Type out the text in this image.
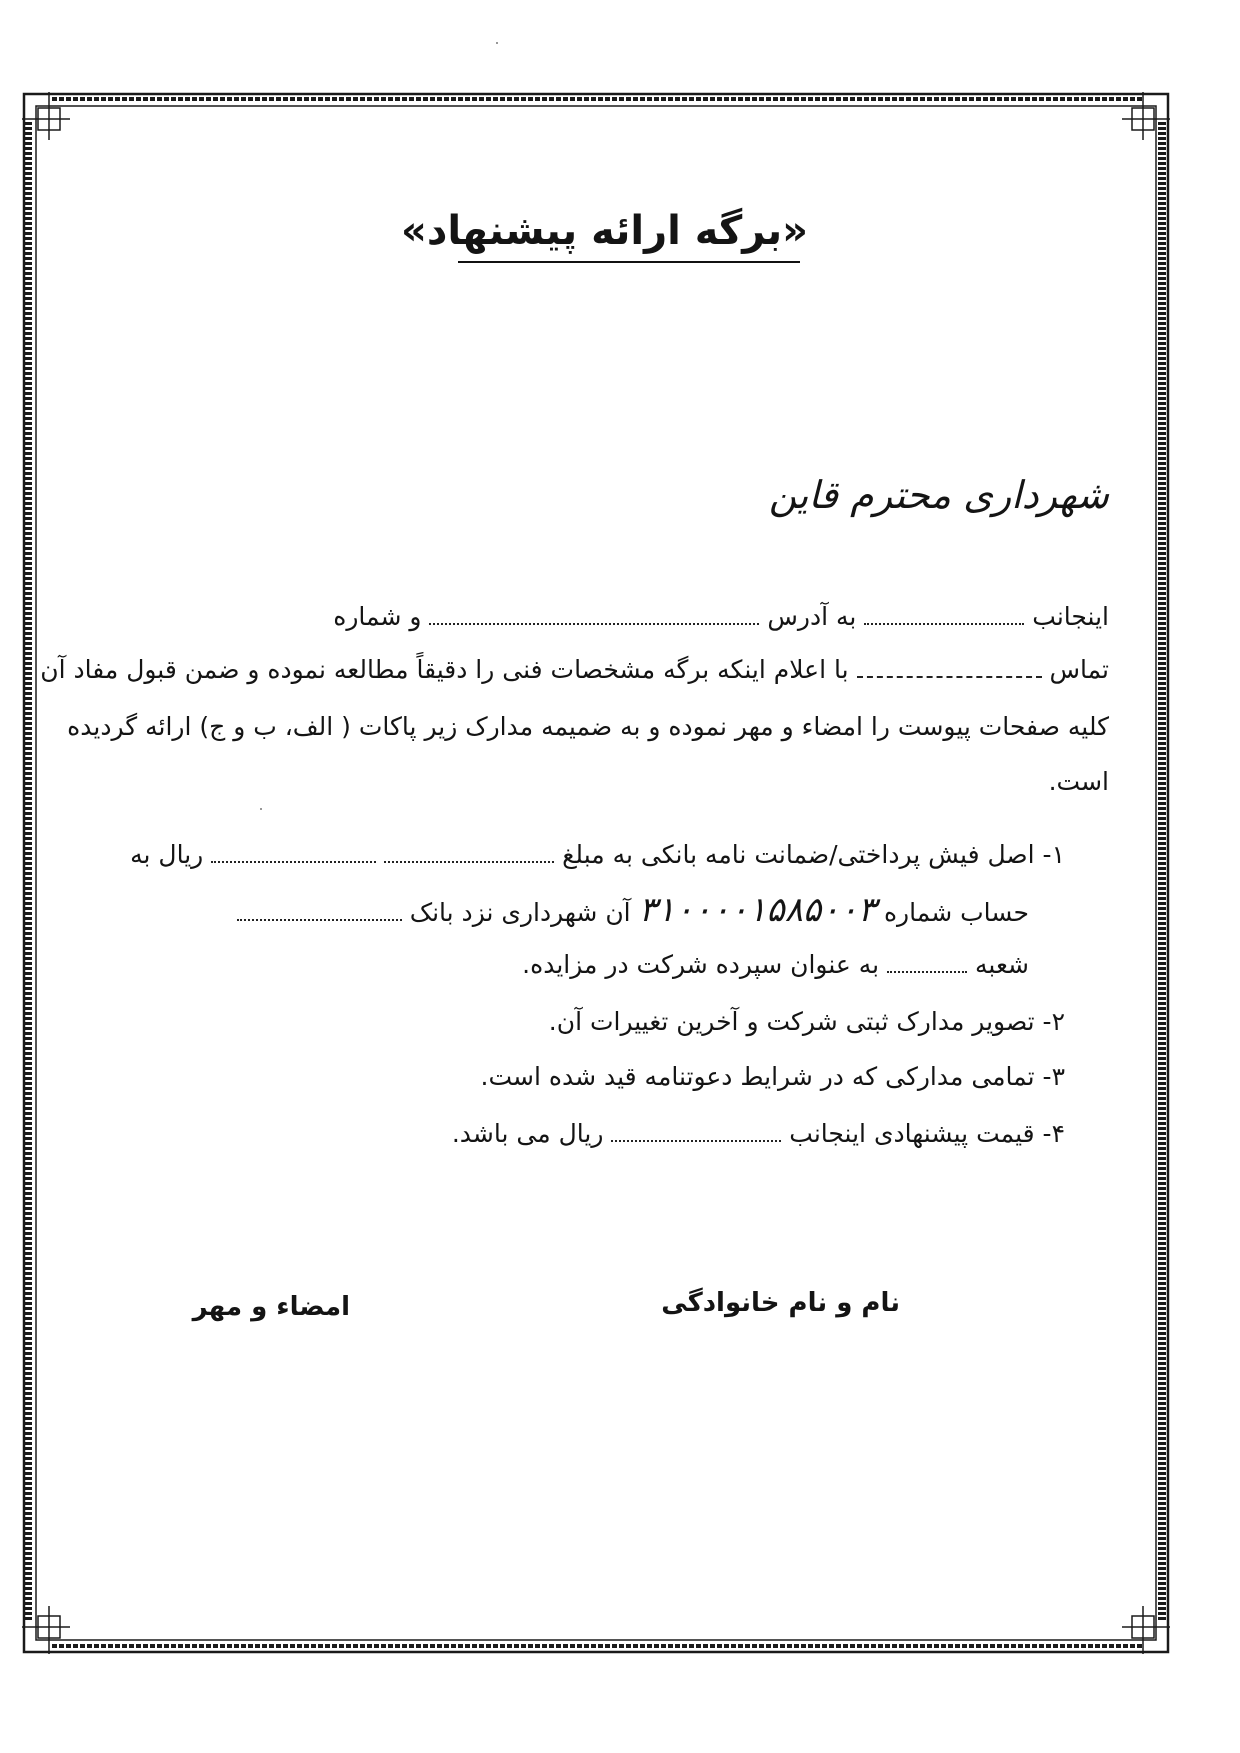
«برگه ارائه پیشنهاد»
شهرداری محترم قاین
اینجانب  به آدرس  و شماره
تماس  با اعلام اینکه برگه مشخصات فنی را دقیقاً مطالعه نموده و ضمن قبول مفاد آن
کلیه صفحات پیوست را امضاء و مهر نموده و به ضمیمه مدارک زیر پاکات ( الف، ب و ج) ارائه گردیده
است.
۱- اصل فیش پرداختی/ضمانت نامه بانکی به مبلغ   ریال به
حساب شماره ۳۱۰۰۰۰۱۵۸۵۰۰۳ آن شهرداری نزد بانک
شعبه  به عنوان سپرده شرکت در مزایده.
۲- تصویر مدارک ثبتی شرکت و آخرین تغییرات آن.
۳- تمامی مدارکی که در شرایط دعوتنامه قید شده است.
۴- قیمت پیشنهادی اینجانب  ریال می باشد.
نام و نام خانوادگی
امضاء و مهر
